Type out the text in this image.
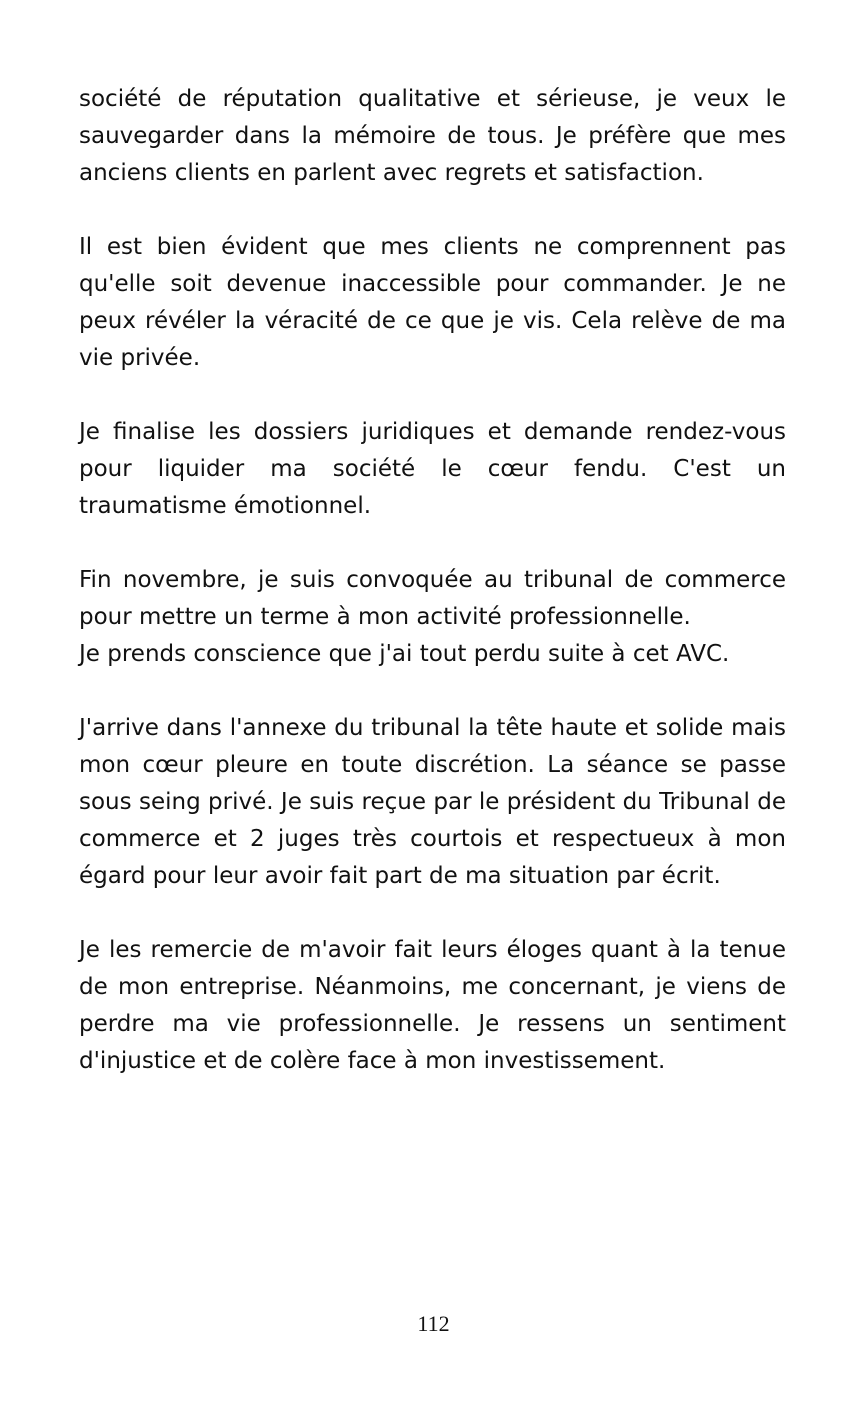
société de réputation qualitative et sérieuse, je veux le sauvegarder dans la mémoire de tous. Je préfère que mes anciens clients en parlent avec regrets et satisfaction.

Il est bien évident que mes clients ne comprennent pas qu'elle soit devenue inaccessible pour commander. Je ne peux révéler la véracité de ce que je vis. Cela relève de ma vie privée.

Je finalise les dossiers juridiques et demande rendez-vous pour liquider ma société le cœur fendu. C'est un traumatisme émotionnel.

Fin novembre, je suis convoquée au tribunal de commerce pour mettre un terme à mon activité professionnelle.
Je prends conscience que j'ai tout perdu suite à cet AVC.

J'arrive dans l'annexe du tribunal la tête haute et solide mais mon cœur pleure en toute discrétion. La séance se passe sous seing privé. Je suis reçue par le président du Tribunal de commerce et 2 juges très courtois et respectueux à mon égard pour leur avoir fait part de ma situation par écrit.

Je les remercie de m'avoir fait leurs éloges quant à la tenue de mon entreprise. Néanmoins, me concernant, je viens de perdre ma vie professionnelle. Je ressens un sentiment d'injustice et de colère face à mon investissement.

112
